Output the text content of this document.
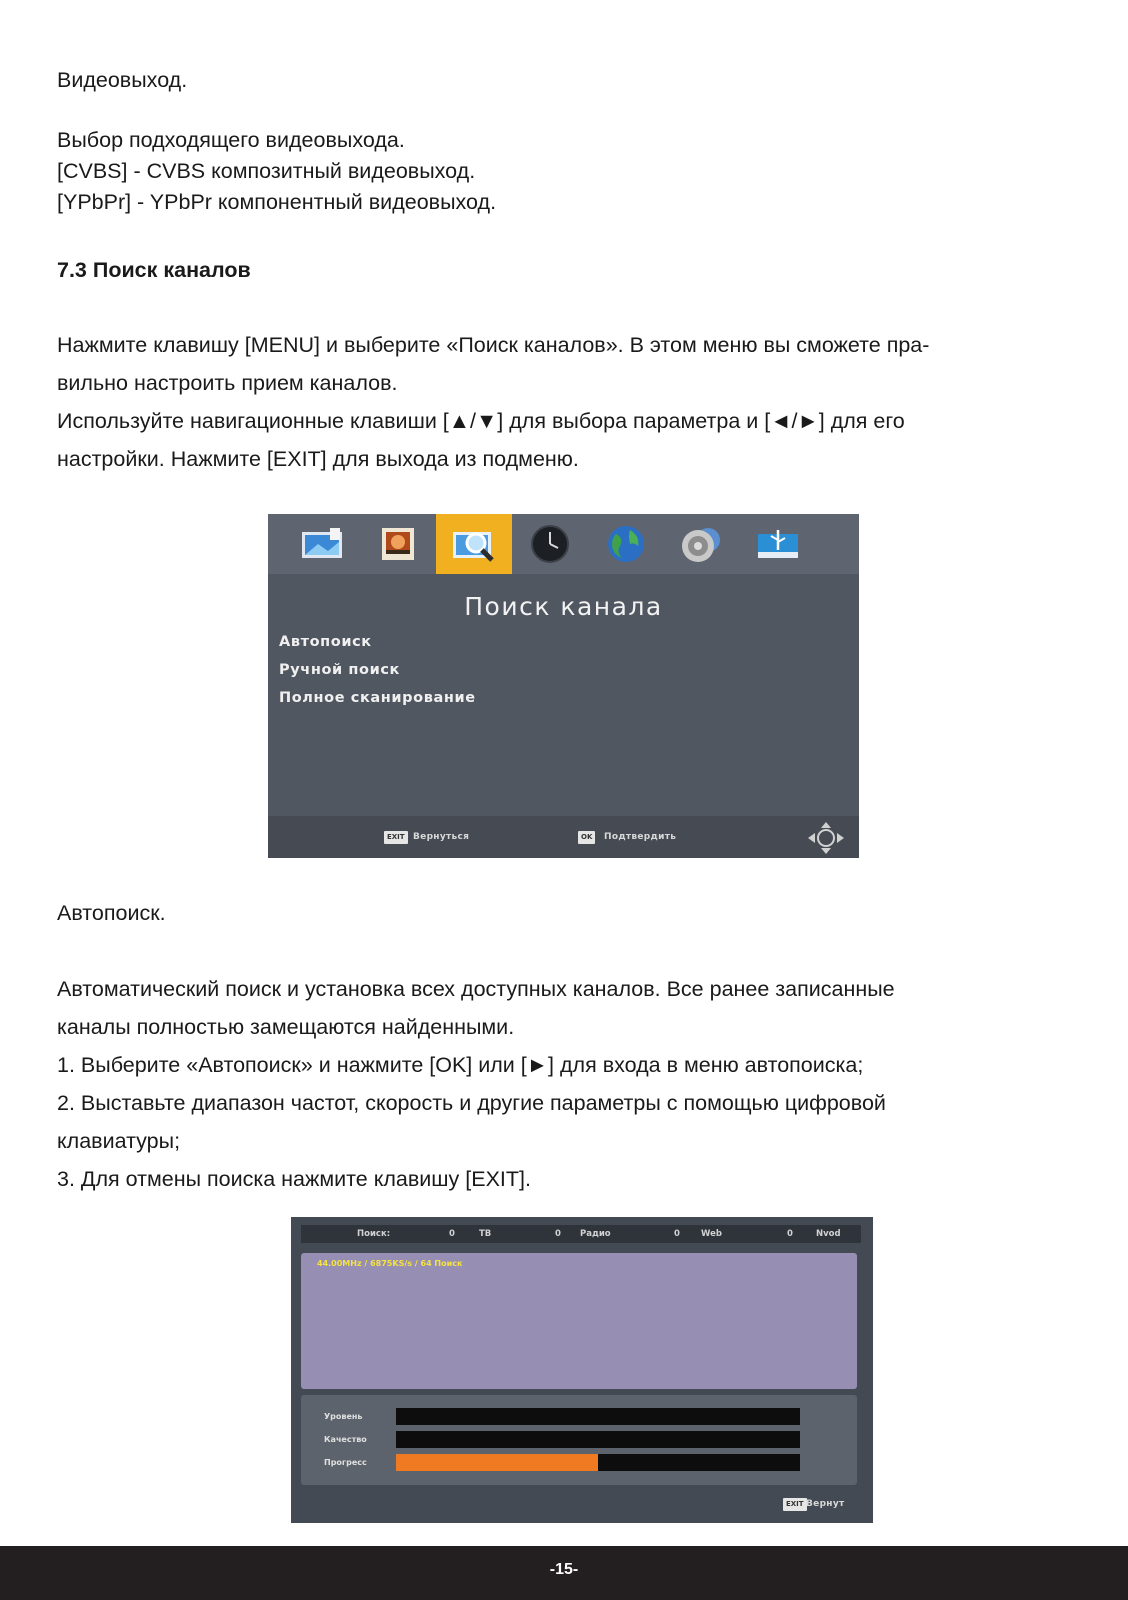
Видеовыход.

Выбор подходящего видеовыхода.

[CVBS] - CVBS композитный видеовыход.

[YPbPr] - YPbPr компонентный видеовыход.

7.3 Поиск каналов

Нажмите клавишу [MENU] и выберите «Поиск каналов». В этом меню вы сможете пра-

вильно настроить прием каналов.

Используйте навигационные клавиши [▲/▼] для выбора параметра и [◄/►] для его

настройки. Нажмите [EXIT] для выхода из подменю.

Поиск канала
Автопоиск
Ручной поиск
Полное сканирование
EXIT Вернуться	OK	Подтвердить

Автопоиск.

Автоматический поиск и установка всех доступных каналов. Все ранее записанные

каналы полностью замещаются найденными.

1. Выберите «Автопоиск» и нажмите [OK] или [►] для входа в меню автопоиска;

2. Выставьте диапазон частот, скорость и другие параметры с помощью цифровой

клавиатуры;

3. Для отмены поиска нажмите клавишу [EXIT].

Поиск:	0	ТВ	0 Радио	0 Web	0	Nvod
44.00MHz / 6875KS/s / 64 Поиск
Уровень
Качество
Прогресс
EXIT Вернут
-15-
